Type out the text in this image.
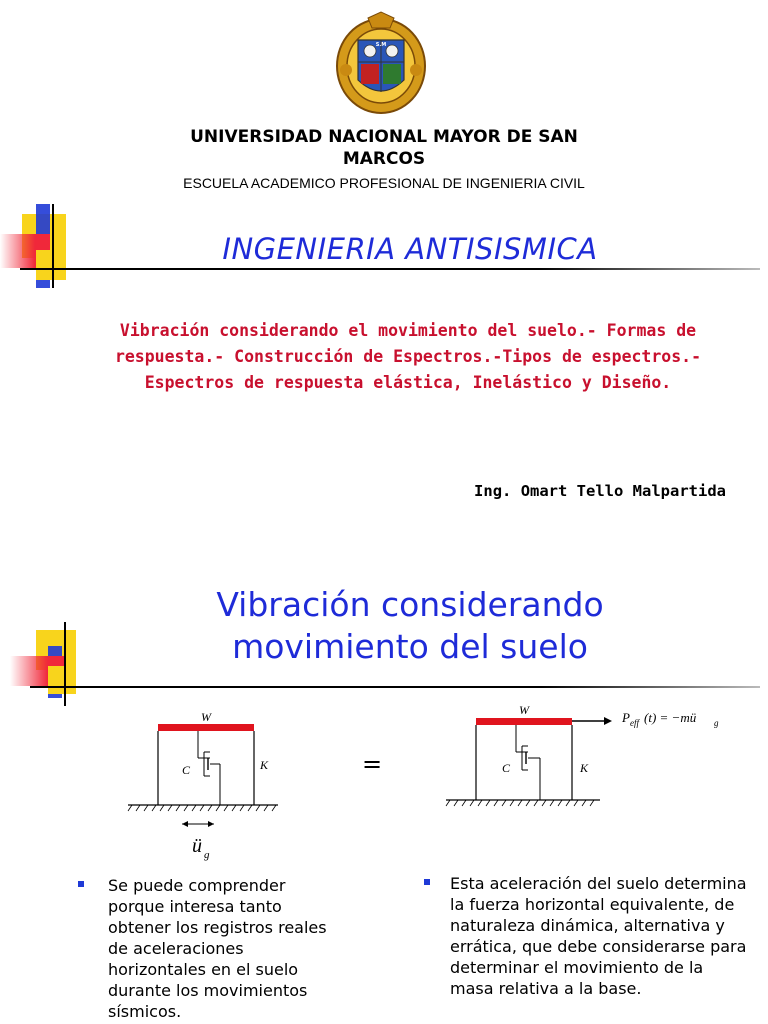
S.M
UNIVERSIDAD NACIONAL MAYOR DE SAN MARCOS
ESCUELA ACADEMICO PROFESIONAL DE INGENIERIA CIVIL
INGENIERIA ANTISISMICA
Vibración considerando el movimiento del suelo.- Formas de respuesta.- Construcción de Espectros.-Tipos de espectros.- Espectros de respuesta elástica, Inelástico y Diseño.
Ing. Omart Tello Malpartida
Vibración considerando movimiento del suelo
W
C	K
ü g
=
W
C	K
P eff (t) = −mü g
Se puede comprender porque interesa tanto obtener los registros reales de aceleraciones horizontales en el suelo durante los movimientos sísmicos.
Esta aceleración del suelo determina la fuerza horizontal equivalente, de naturaleza dinámica, alternativa y errática, que debe considerarse para determinar el movimiento de la masa relativa a la base.
